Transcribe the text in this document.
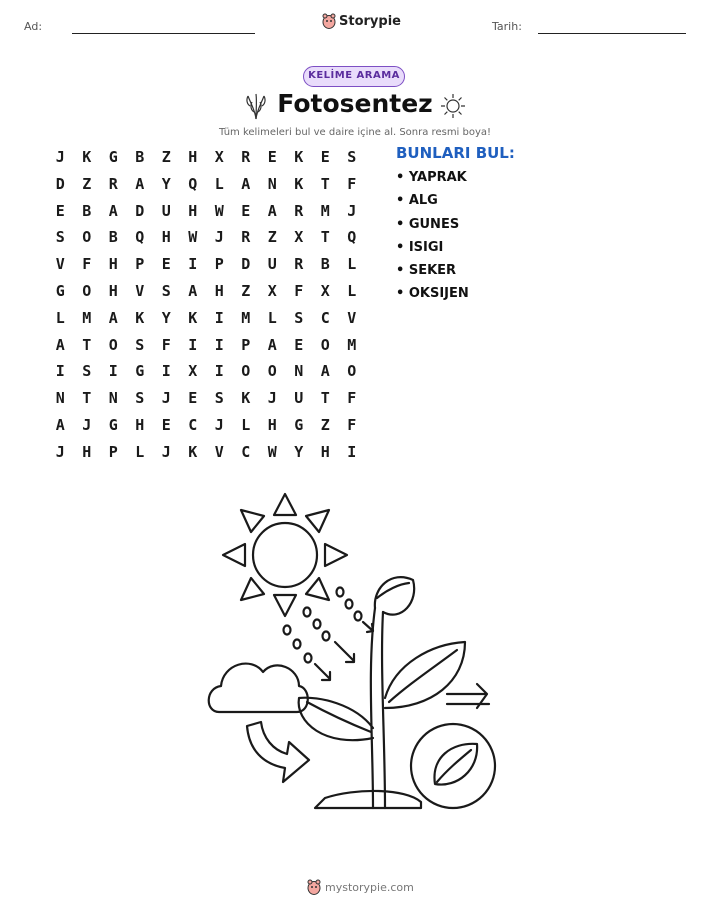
Ad:	Storypie	Tarih:
KELİME ARAMA
Fotosentez
Tüm kelimeleri bul ve daire içine al. Sonra resmi boya!
J	K	G	B	Z	H	X	R	E	K	E	S
D	Z	R	A	Y	Q	L	A	N	K	T	F
E	B	A	D	U	H	W	E	A	R	M	J
S	O	B	Q	H	W	J	R	Z	X	T	Q
V	F	H	P	E	I	P	D	U	R	B	L
G	O	H	V	S	A	H	Z	X	F	X	L
L	M	A	K	Y	K	I	M	L	S	C	V
A	T	O	S	F	I	I	P	A	E	O	M
I	S	I	G	I	X	I	O	O	N	A	O
N	T	N	S	J	E	S	K	J	U	T	F
A	J	G	H	E	C	J	L	H	G	Z	F
J	H	P	L	J	K	V	C	W	Y	H	I
BUNLARI BUL:
• YAPRAK
• ALG
• GUNES
• ISIGI
• SEKER
• OKSIJEN
mystorypie.com
